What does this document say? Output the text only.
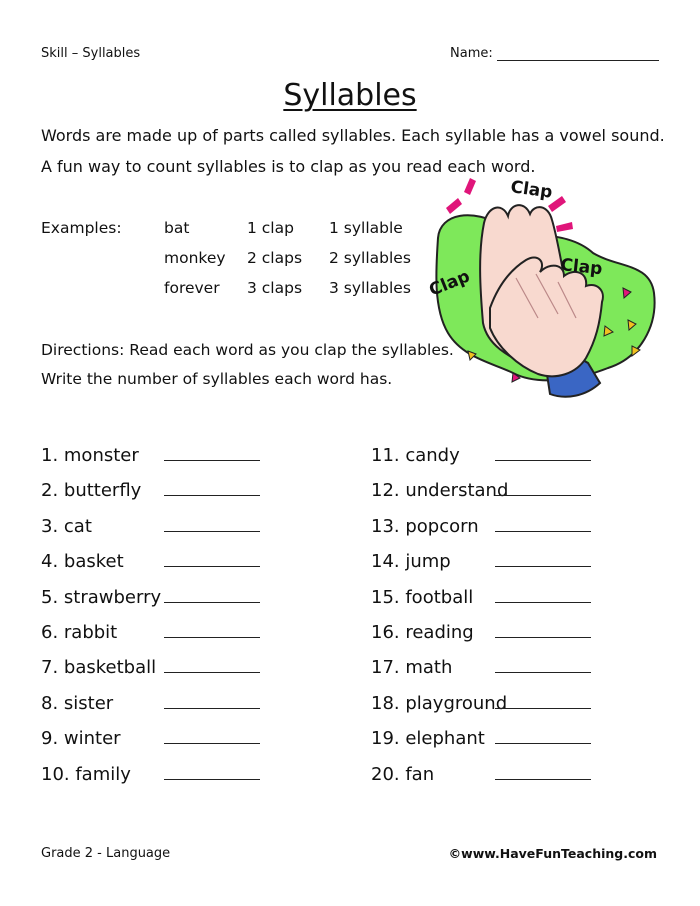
Skill – Syllables	Name:
Syllables
Words are made up of parts called syllables. Each syllable has a vowel sound.
A fun way to count syllables is to clap as you read each word.
Examples:	bat	1 clap 1 syllable
monkey 2 claps 2 syllables
forever 3 claps 3 syllables
Directions: Read each word as you clap the syllables.
Write the number of syllables each word has.
Clap
Clap
Clap
1. monster
2. butterfly
3. cat
4. basket
5. strawberry
6. rabbit
7. basketball
8. sister
9. winter
10. family
11. candy
12. understand
13. popcorn
14. jump
15. football
16. reading
17. math
18. playground
19. elephant
20. fan
Grade 2 - Language	©www.HaveFunTeaching.com
